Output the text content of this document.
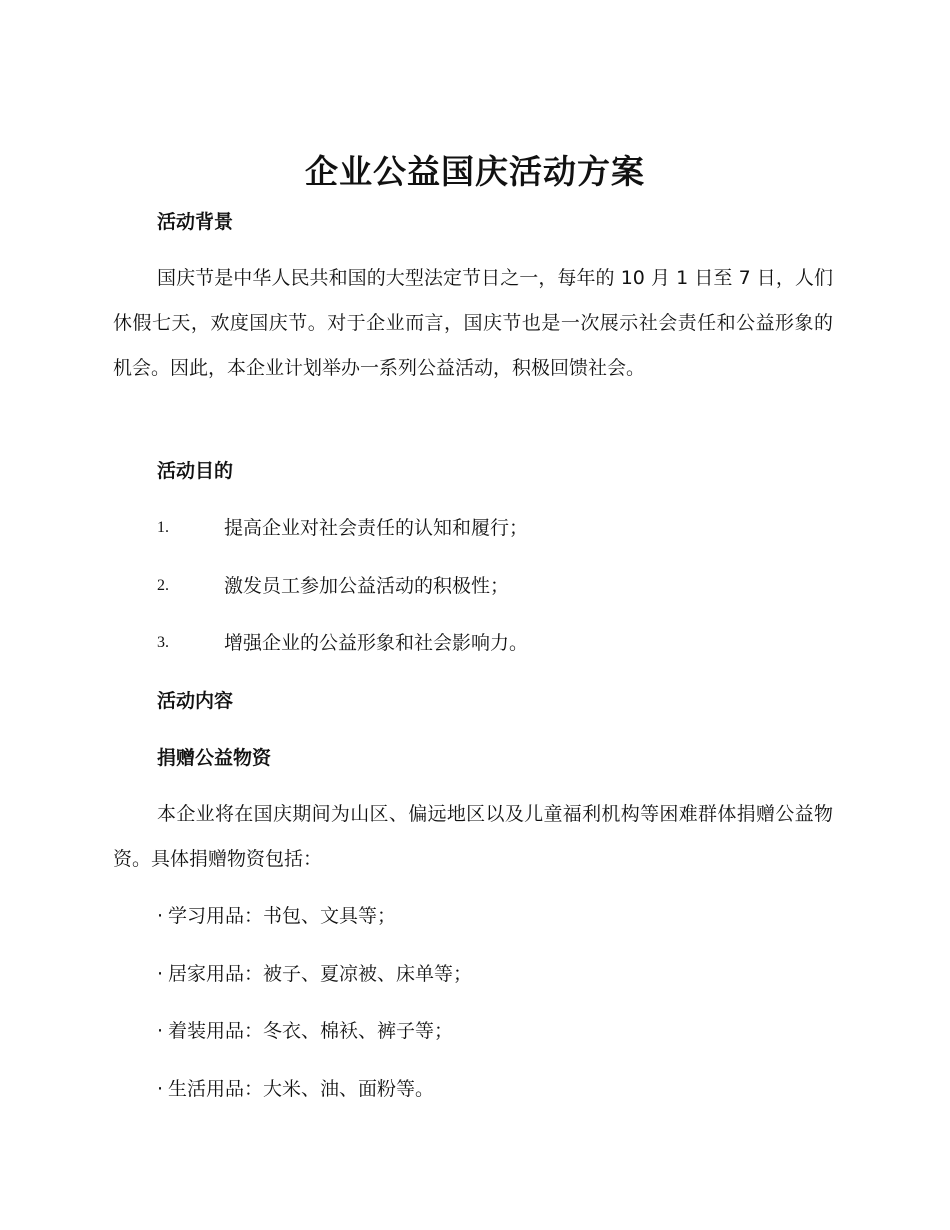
企业公益国庆活动方案
活动背景

国庆节是中华人民共和国的大型法定节日之一，每年的 10 月 1 日至 7 日，人们休假七天，欢度国庆节。对于企业而言，国庆节也是一次展示社会责任和公益形象的机会。因此，本企业计划举办一系列公益活动，积极回馈社会。

活动目的
1.	提高企业对社会责任的认知和履行；
2.	激发员工参加公益活动的积极性；
3.	增强企业的公益形象和社会影响力。
活动内容
捐赠公益物资

本企业将在国庆期间为山区、偏远地区以及儿童福利机构等困难群体捐赠公益物资。具体捐赠物资包括：

· 学习用品：书包、文具等；
· 居家用品：被子、夏凉被、床单等；
· 着装用品：冬衣、棉袄、裤子等；
· 生活用品：大米、油、面粉等。
